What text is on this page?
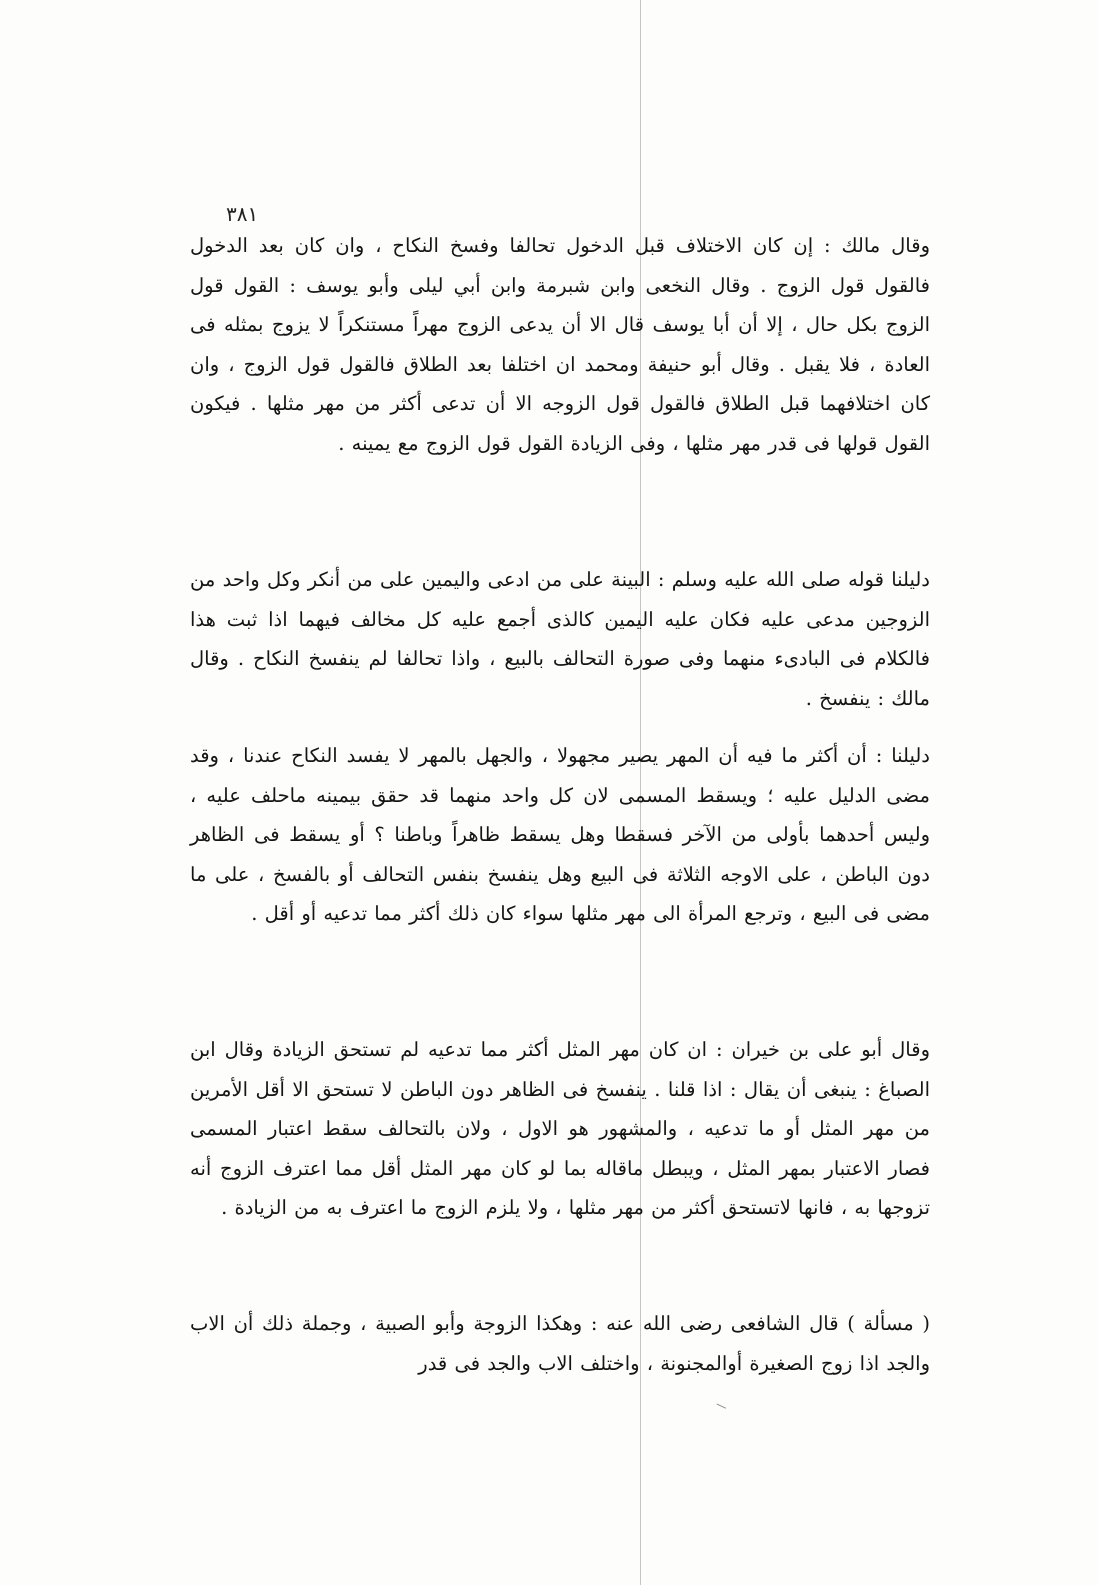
٣٨١

وقال مالك : إن كان الاختلاف قبل الدخول تحالفا وفسخ النكاح ، وان كان بعد الدخول فالقول قول الزوج . وقال النخعى وابن شبرمة وابن أبي ليلى وأبو يوسف : القول قول الزوج بكل حال ، إلا أن أبا يوسف قال الا أن يدعى الزوج مهراً مستنكراً لا يزوج بمثله فى العادة ، فلا يقبل . وقال أبو حنيفة ومحمد ان اختلفا بعد الطلاق فالقول قول الزوج ، وان كان اختلافهما قبل الطلاق فالقول قول الزوجه الا أن تدعى أكثر من مهر مثلها . فيكون القول قولها فى قدر مهر مثلها ، وفى الزيادة القول قول الزوج مع يمينه .

دليلنا قوله صلى الله عليه وسلم : البينة على من ادعى واليمين على من أنكر وكل واحد من الزوجين مدعى عليه فكان عليه اليمين كالذى أجمع عليه كل مخالف فيهما اذا ثبت هذا فالكلام فى البادىء منهما وفى صورة التحالف بالبيع ، واذا تحالفا لم ينفسخ النكاح . وقال مالك : ينفسخ .

دليلنا : أن أكثر ما فيه أن المهر يصير مجهولا ، والجهل بالمهر لا يفسد النكاح عندنا ، وقد مضى الدليل عليه ؛ ويسقط المسمى لان كل واحد منهما قد حقق بيمينه ماحلف عليه ، وليس أحدهما بأولى من الآخر فسقطا وهل يسقط ظاهراً وباطنا ؟ أو يسقط فى الظاهر دون الباطن ، على الاوجه الثلاثة فى البيع وهل ينفسخ بنفس التحالف أو بالفسخ ، على ما مضى فى البيع ، وترجع المرأة الى مهر مثلها سواء كان ذلك أكثر مما تدعيه أو أقل .

وقال أبو على بن خيران : ان كان مهر المثل أكثر مما تدعيه لم تستحق الزيادة وقال ابن الصباغ : ينبغى أن يقال : اذا قلنا . ينفسخ فى الظاهر دون الباطن لا تستحق الا أقل الأمرين من مهر المثل أو ما تدعيه ، والمشهور هو الاول ، ولان بالتحالف سقط اعتبار المسمى فصار الاعتبار بمهر المثل ، ويبطل ماقاله بما لو كان مهر المثل أقل مما اعترف الزوج أنه تزوجها به ، فانها لاتستحق أكثر من مهر مثلها ، ولا يلزم الزوج ما اعترف به من الزيادة .

( مسألة ) قال الشافعى رضى الله عنه : وهكذا الزوجة وأبو الصبية ، وجملة ذلك أن الاب والجد اذا زوج الصغيرة أوالمجنونة ، واختلف الاب والجد فى قدر
